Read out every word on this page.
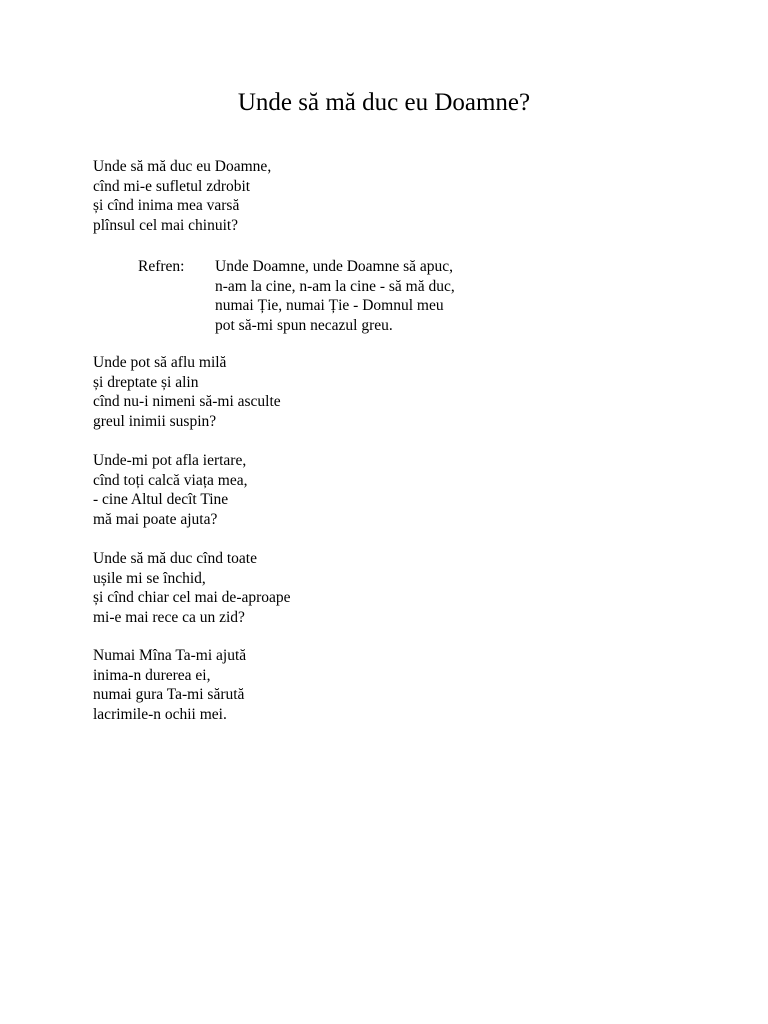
Unde să mă duc eu Doamne?
Unde să mă duc eu Doamne,
cînd mi-e sufletul zdrobit
și cînd inima mea varsă
plînsul cel mai chinuit?
Refren: Unde Doamne, unde Doamne să apuc,
n-am la cine, n-am la cine - să mă duc,
numai Ție, numai Ție - Domnul meu
pot să-mi spun necazul greu.
Unde pot să aflu milă
și dreptate și alin
cînd nu-i nimeni să-mi asculte
greul inimii suspin?
Unde-mi pot afla iertare,
cînd toți calcă viața mea,
- cine Altul decît Tine
mă mai poate ajuta?
Unde să mă duc cînd toate
ușile mi se închid,
și cînd chiar cel mai de-aproape
mi-e mai rece ca un zid?
Numai Mîna Ta-mi ajută
inima-n durerea ei,
numai gura Ta-mi sărută
lacrimile-n ochii mei.
